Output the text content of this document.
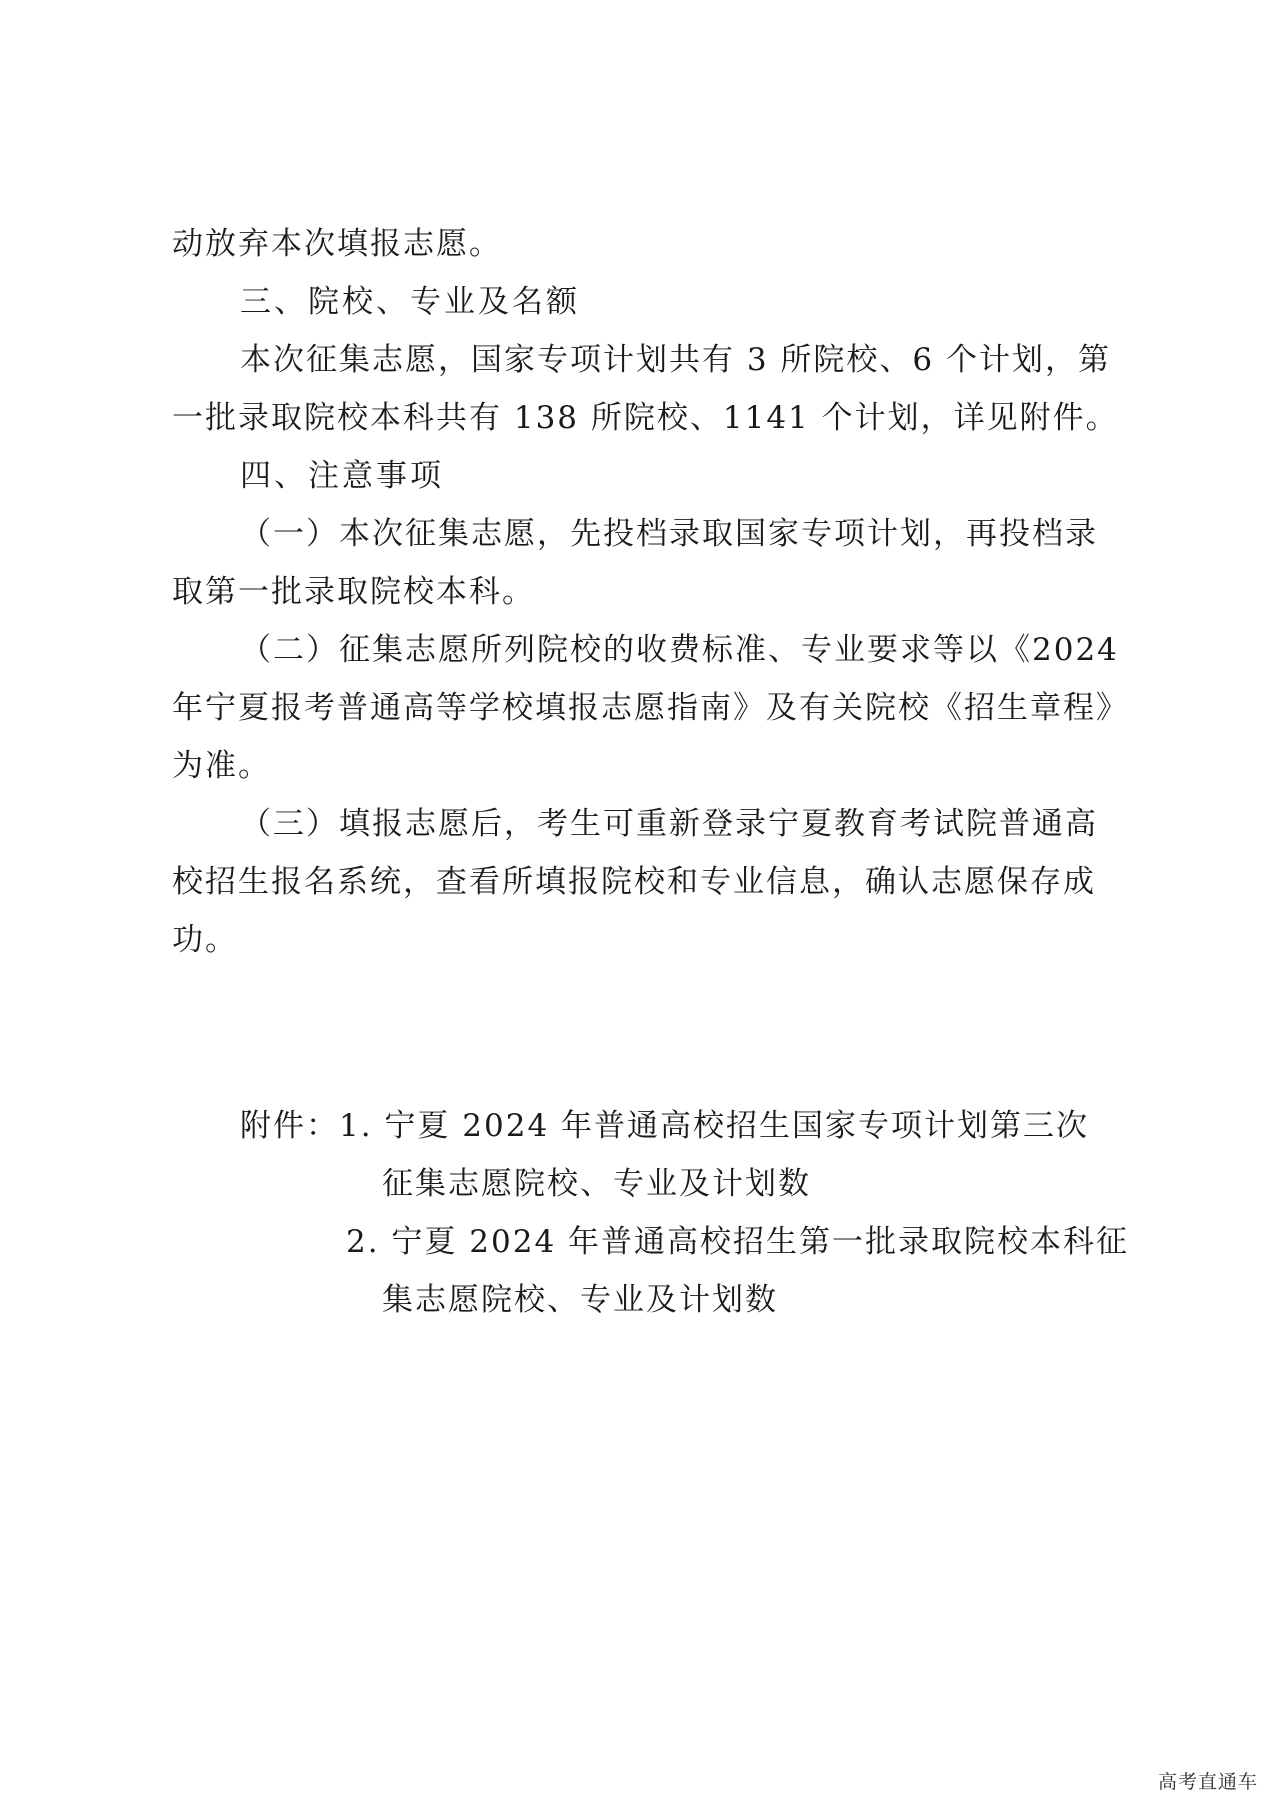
动放弃本次填报志愿。
三、院校、专业及名额
本次征集志愿，国家专项计划共有 3 所院校、6 个计划，第
一批录取院校本科共有 138 所院校、1141 个计划，详见附件。
四、注意事项
（一）本次征集志愿，先投档录取国家专项计划，再投档录
取第一批录取院校本科。
（二）征集志愿所列院校的收费标准、专业要求等以《2024
年宁夏报考普通高等学校填报志愿指南》及有关院校《招生章程》
为准。
（三）填报志愿后，考生可重新登录宁夏教育考试院普通高
校招生报名系统，查看所填报院校和专业信息，确认志愿保存成
功。
附件：1. 宁夏 2024 年普通高校招生国家专项计划第三次
征集志愿院校、专业及计划数
2. 宁夏 2024 年普通高校招生第一批录取院校本科征
集志愿院校、专业及计划数
高考直通车
